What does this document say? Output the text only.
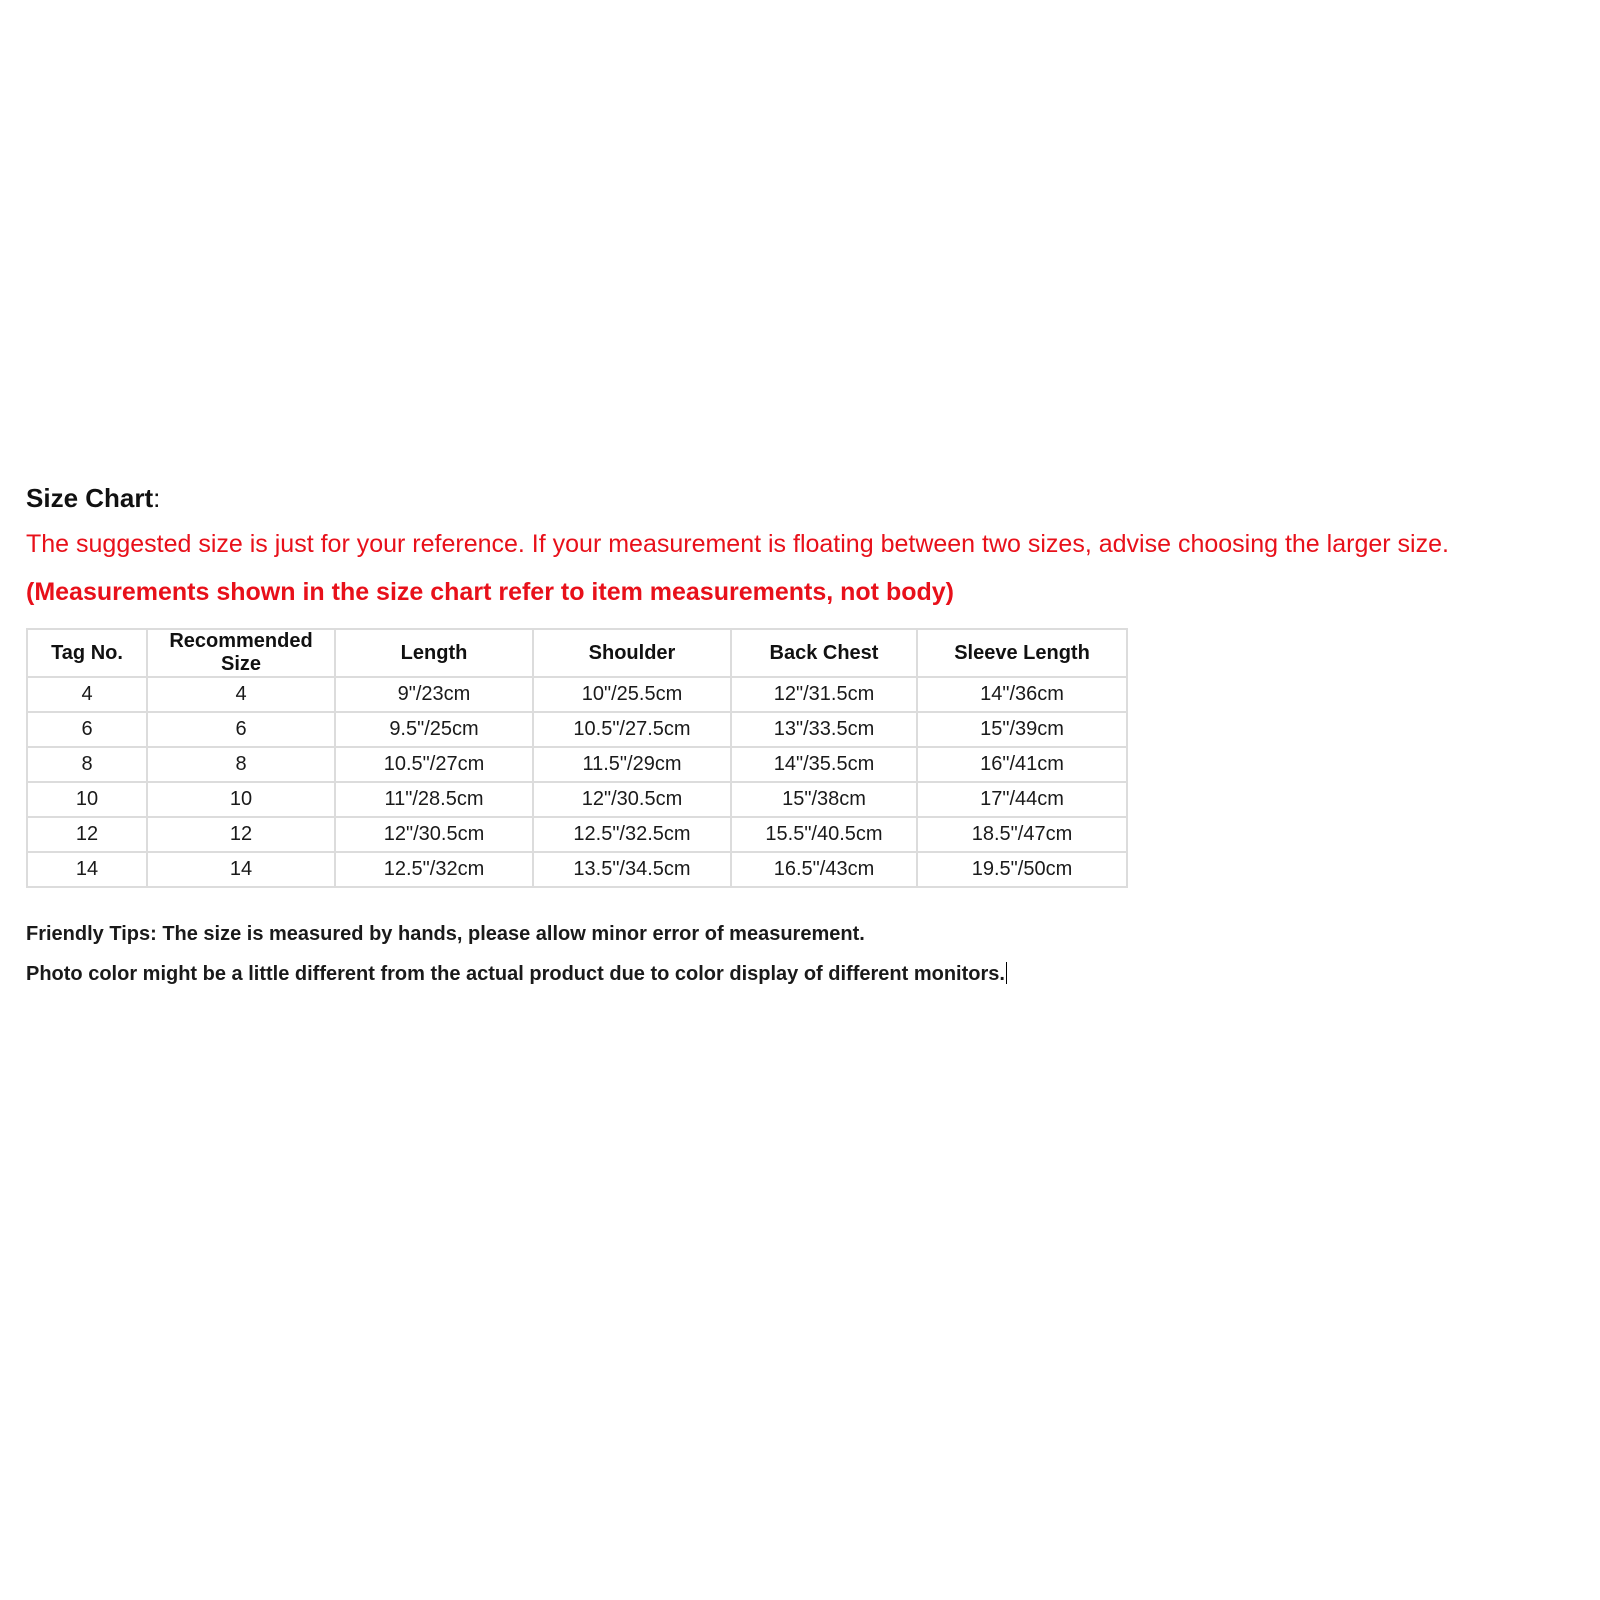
Size Chart:

The suggested size is just for your reference. If your measurement is floating between two sizes, advise choosing the larger size.

(Measurements shown in the size chart refer to item measurements, not body)

Tag No.	Recommended Size	Length	Shoulder	Back Chest	Sleeve Length
4	4	9"/23cm	10"/25.5cm	12"/31.5cm	14"/36cm
6	6	9.5"/25cm	10.5"/27.5cm	13"/33.5cm	15"/39cm
8	8	10.5"/27cm	11.5"/29cm	14"/35.5cm	16"/41cm
10	10	11"/28.5cm	12"/30.5cm	15"/38cm	17"/44cm
12	12	12"/30.5cm	12.5"/32.5cm	15.5"/40.5cm	18.5"/47cm
14	14	12.5"/32cm	13.5"/34.5cm	16.5"/43cm	19.5"/50cm
Friendly Tips: The size is measured by hands, please allow minor error of measurement.
Photo color might be a little different from the actual product due to color display of different monitors.
